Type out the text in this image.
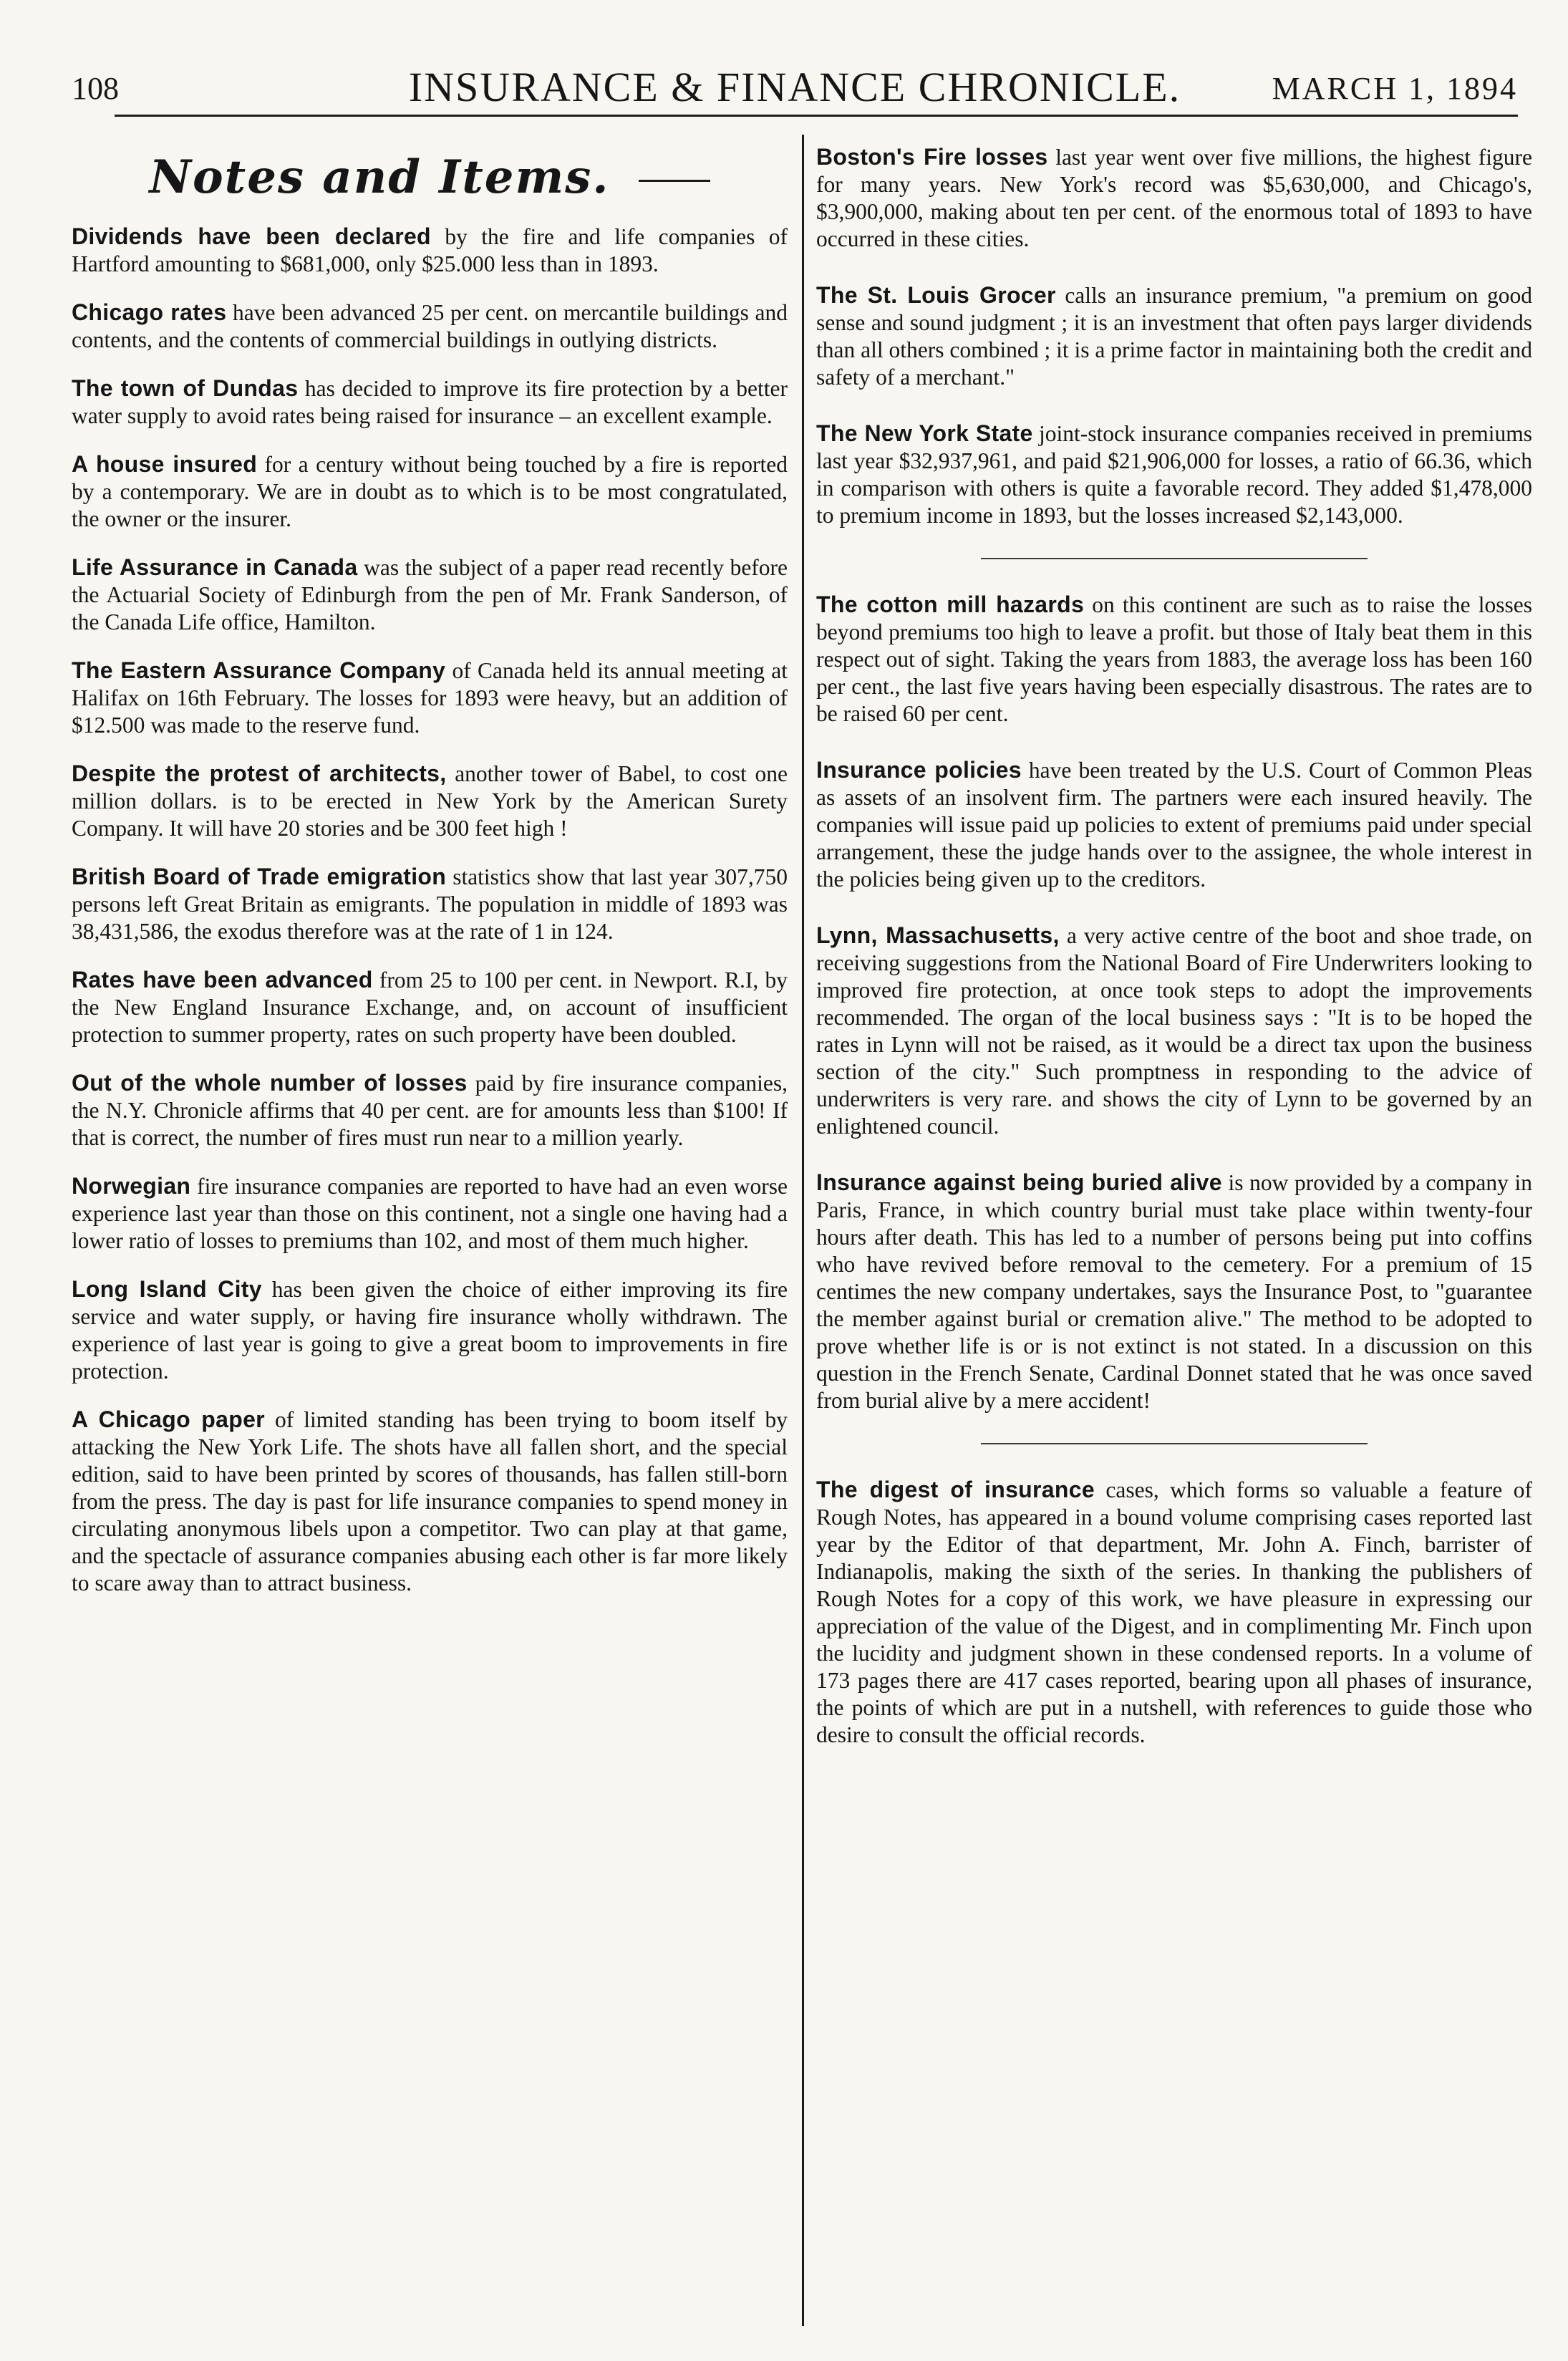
108	INSURANCE & FINANCE CHRONICLE.	MARCH 1, 1894
Notes and Items.

Dividends have been declared by the fire and life companies of Hartford amounting to $681,000, only $25.000 less than in 1893.

Chicago rates have been advanced 25 per cent. on mercantile buildings and contents, and the contents of commercial buildings in outlying districts.

The town of Dundas has decided to improve its fire protection by a better water supply to avoid rates being raised for insurance – an excellent example.

A house insured for a century without being touched by a fire is reported by a contemporary. We are in doubt as to which is to be most congratulated, the owner or the insurer.

Life Assurance in Canada was the subject of a paper read recently before the Actuarial Society of Edinburgh from the pen of Mr. Frank Sanderson, of the Canada Life office, Hamilton.

The Eastern Assurance Company of Canada held its annual meeting at Halifax on 16th February. The losses for 1893 were heavy, but an addition of $12.500 was made to the reserve fund.

Despite the protest of architects, another tower of Babel, to cost one million dollars. is to be erected in New York by the American Surety Company. It will have 20 stories and be 300 feet high !

British Board of Trade emigration statistics show that last year 307,750 persons left Great Britain as emigrants. The population in middle of 1893 was 38,431,586, the exodus therefore was at the rate of 1 in 124.

Rates have been advanced from 25 to 100 per cent. in Newport. R.I, by the New England Insurance Exchange, and, on account of insufficient protection to summer property, rates on such property have been doubled.

Out of the whole number of losses paid by fire insurance companies, the N.Y. Chronicle affirms that 40 per cent. are for amounts less than $100! If that is correct, the number of fires must run near to a million yearly.

Norwegian fire insurance companies are reported to have had an even worse experience last year than those on this continent, not a single one having had a lower ratio of losses to premiums than 102, and most of them much higher.

Long Island City has been given the choice of either improving its fire service and water supply, or having fire insurance wholly withdrawn. The experience of last year is going to give a great boom to improvements in fire protection.

A Chicago paper of limited standing has been trying to boom itself by attacking the New York Life. The shots have all fallen short, and the special edition, said to have been printed by scores of thousands, has fallen still-born from the press. The day is past for life insurance companies to spend money in circulating anonymous libels upon a competitor. Two can play at that game, and the spectacle of assurance companies abusing each other is far more likely to scare away than to attract business.

Boston's Fire losses last year went over five millions, the highest figure for many years. New York's record was $5,630,000, and Chicago's, $3,900,000, making about ten per cent. of the enormous total of 1893 to have occurred in these cities.

The St. Louis Grocer calls an insurance premium, "a premium on good sense and sound judgment ; it is an investment that often pays larger dividends than all others combined ; it is a prime factor in maintaining both the credit and safety of a merchant."

The New York State joint-stock insurance companies received in premiums last year $32,937,961, and paid $21,906,000 for losses, a ratio of 66.36, which in comparison with others is quite a favorable record. They added $1,478,000 to premium income in 1893, but the losses increased $2,143,000.

The cotton mill hazards on this continent are such as to raise the losses beyond premiums too high to leave a profit. but those of Italy beat them in this respect out of sight. Taking the years from 1883, the average loss has been 160 per cent., the last five years having been especially disastrous. The rates are to be raised 60 per cent.

Insurance policies have been treated by the U.S. Court of Common Pleas as assets of an insolvent firm. The partners were each insured heavily. The companies will issue paid up policies to extent of premiums paid under special arrangement, these the judge hands over to the assignee, the whole interest in the policies being given up to the creditors.

Lynn, Massachusetts, a very active centre of the boot and shoe trade, on receiving suggestions from the National Board of Fire Underwriters looking to improved fire protection, at once took steps to adopt the improvements recommended. The organ of the local business says : "It is to be hoped the rates in Lynn will not be raised, as it would be a direct tax upon the business section of the city." Such promptness in responding to the advice of underwriters is very rare. and shows the city of Lynn to be governed by an enlightened council.

Insurance against being buried alive is now provided by a company in Paris, France, in which country burial must take place within twenty-four hours after death. This has led to a number of persons being put into coffins who have revived before removal to the cemetery. For a premium of 15 centimes the new company undertakes, says the Insurance Post, to "guarantee the member against burial or cremation alive." The method to be adopted to prove whether life is or is not extinct is not stated. In a discussion on this question in the French Senate, Cardinal Donnet stated that he was once saved from burial alive by a mere accident!

The digest of insurance cases, which forms so valuable a feature of Rough Notes, has appeared in a bound volume comprising cases reported last year by the Editor of that department, Mr. John A. Finch, barrister of Indianapolis, making the sixth of the series. In thanking the publishers of Rough Notes for a copy of this work, we have pleasure in expressing our appreciation of the value of the Digest, and in complimenting Mr. Finch upon the lucidity and judgment shown in these condensed reports. In a volume of 173 pages there are 417 cases reported, bearing upon all phases of insurance, the points of which are put in a nutshell, with references to guide those who desire to consult the official records.
